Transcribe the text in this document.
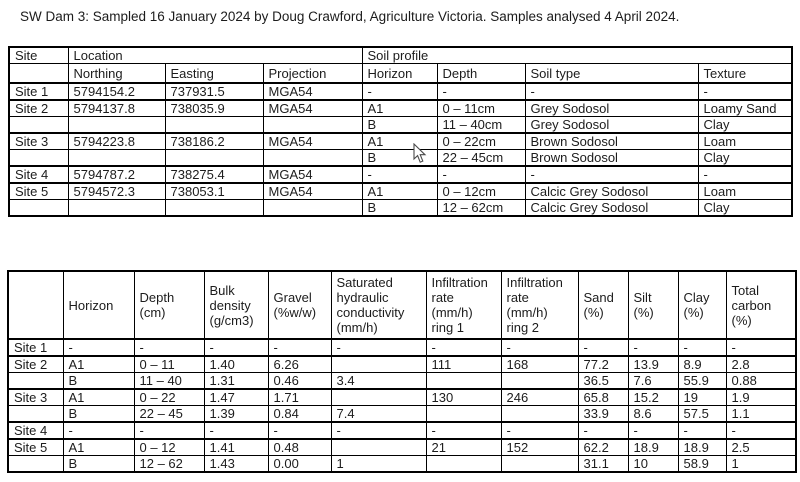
SW Dam 3: Sampled 16 January 2024 by Doug Crawford, Agriculture Victoria. Samples analysed 4 April 2024.
Site	Location			Soil profile			
	Northing	Easting	Projection	Horizon	Depth	Soil type	Texture
Site 1	5794154.2	737931.5	MGA54	-	-	-	-
Site 2	5794137.8	738035.9	MGA54	A1	0 – 11cm	Grey Sodosol	Loamy Sand
				B	11 – 40cm	Grey Sodosol	Clay
Site 3	5794223.8	738186.2	MGA54	A1	0 – 22cm	Brown Sodosol	Loam
				B	22 – 45cm	Brown Sodosol	Clay
Site 4	5794787.2	738275.4	MGA54	-	-	-	-
Site 5	5794572.3	738053.1	MGA54	A1	0 – 12cm	Calcic Grey Sodosol	Loam
				B	12 – 62cm	Calcic Grey Sodosol	Clay
	Horizon	Depth (cm)	Bulk density (g/cm3)	Gravel (%w/w)	Saturated hydraulic conductivity (mm/h)	Infiltration rate (mm/h) ring 1	Infiltration rate (mm/h) ring 2	Sand (%)	Silt (%)	Clay (%)	Total carbon (%)
Site 1	-	-	-	-	-	-	-	-	-	-	-
Site 2	A1	0 – 11	1.40	6.26		111	168	77.2	13.9	8.9	2.8
	B	11 – 40	1.31	0.46	3.4			36.5	7.6	55.9	0.88
Site 3	A1	0 – 22	1.47	1.71		130	246	65.8	15.2	19	1.9
	B	22 – 45	1.39	0.84	7.4			33.9	8.6	57.5	1.1
Site 4	-	-	-	-	-	-	-	-	-	-	-
Site 5	A1	0 – 12	1.41	0.48		21	152	62.2	18.9	18.9	2.5
	B	12 – 62	1.43	0.00	1			31.1	10	58.9	1
